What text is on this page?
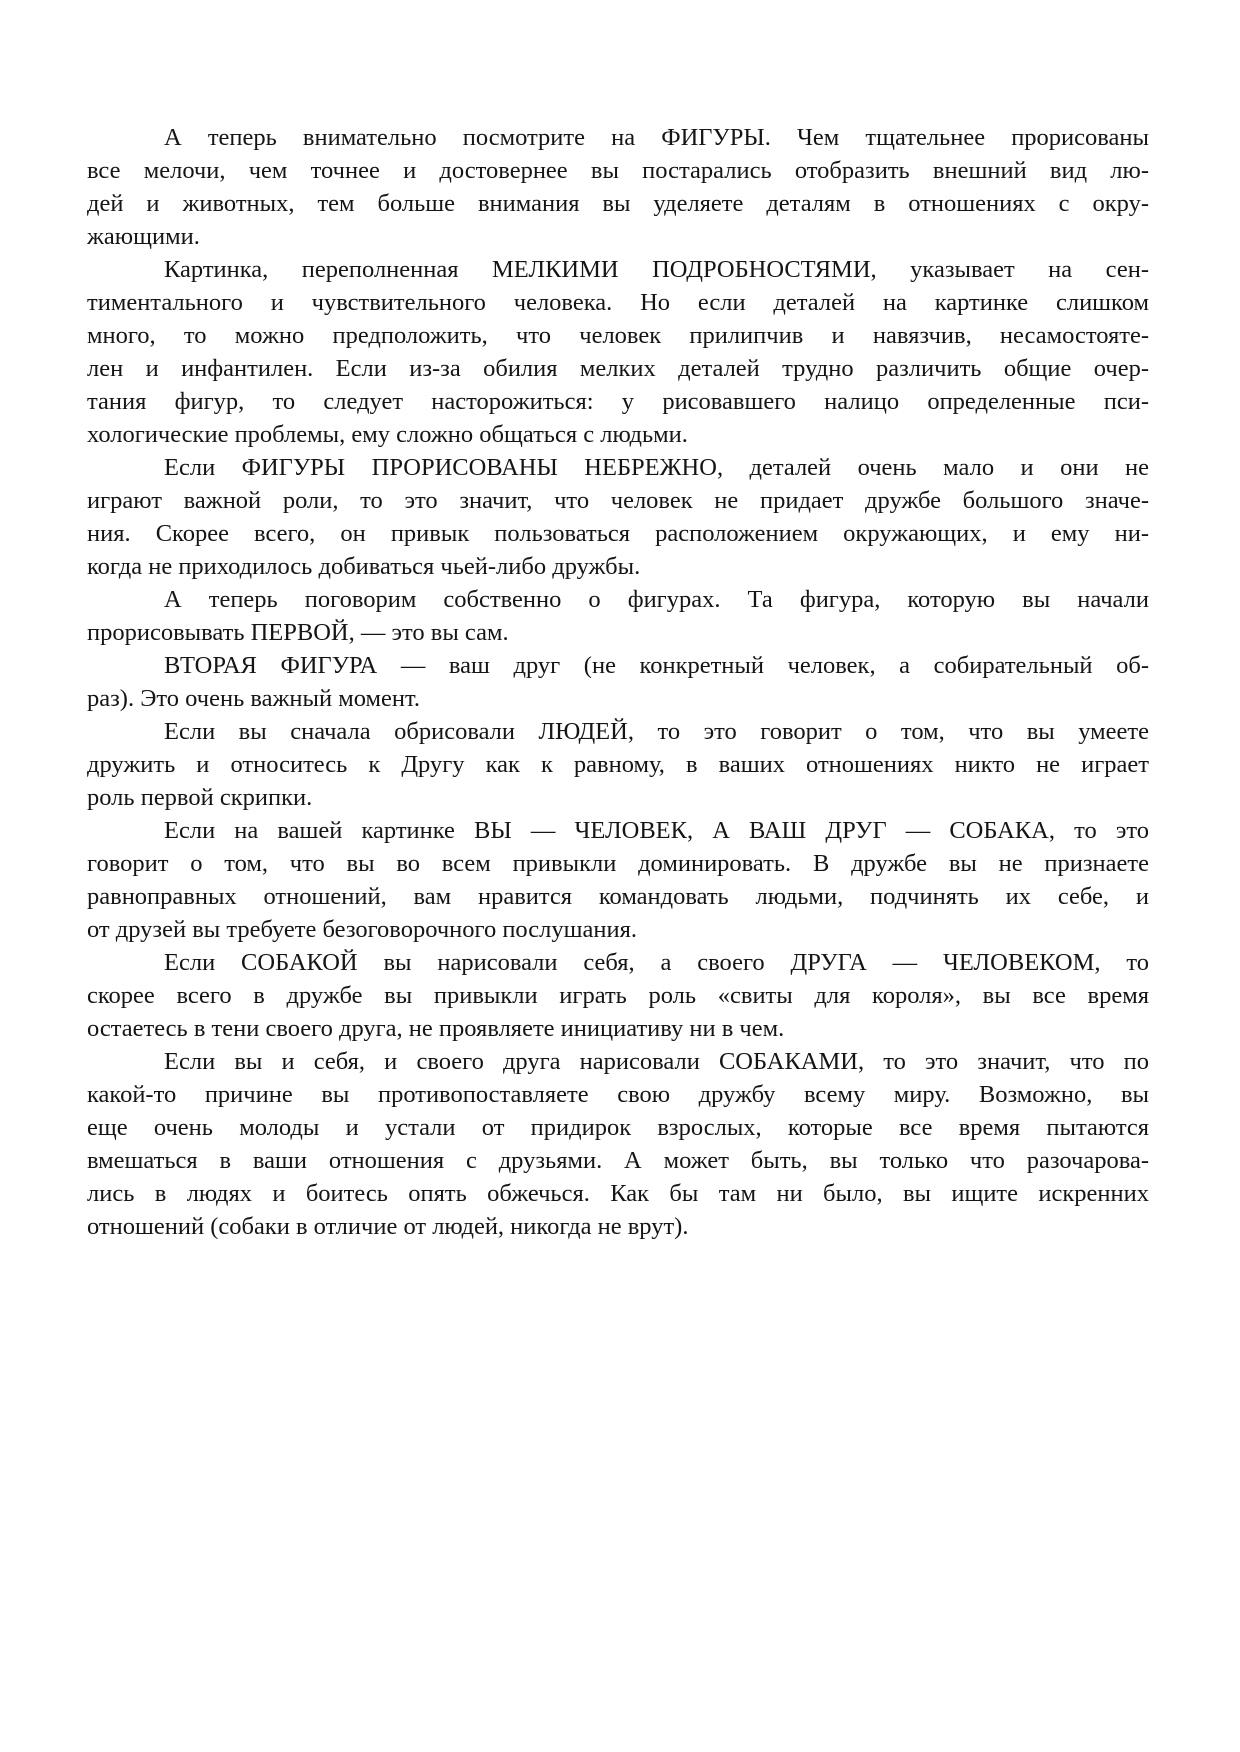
А теперь внимательно посмотрите на ФИГУРЫ. Чем тщательнее прорисованы
все мелочи, чем точнее и достовернее вы постарались отобразить внешний вид лю-
дей и животных, тем больше внимания вы уделяете деталям в отношениях с окру-
жающими.

Картинка, переполненная МЕЛКИМИ ПОДРОБНОСТЯМИ, указывает на сен-
тиментального и чувствительного человека. Но если деталей на картинке слишком
много, то можно предположить, что человек прилипчив и навязчив, несамостояте-
лен и инфантилен. Если из-за обилия мелких деталей трудно различить общие очер-
тания фигур, то следует насторожиться: у рисовавшего налицо определенные пси-
хологические проблемы, ему сложно общаться с людьми.

Если ФИГУРЫ ПРОРИСОВАНЫ НЕБРЕЖНО, деталей очень мало и они не
играют важной роли, то это значит, что человек не придает дружбе большого значе-
ния. Скорее всего, он привык пользоваться расположением окружающих, и ему ни-
когда не приходилось добиваться чьей-либо дружбы.

А теперь поговорим собственно о фигурах. Та фигура, которую вы начали
прорисовывать ПЕРВОЙ, — это вы сам.

ВТОРАЯ ФИГУРА — ваш друг (не конкретный человек, а собирательный об-
раз). Это очень важный момент.

Если вы сначала обрисовали ЛЮДЕЙ, то это говорит о том, что вы умеете
дружить и относитесь к Другу как к равному, в ваших отношениях никто не играет
роль первой скрипки.

Если на вашей картинке ВЫ — ЧЕЛОВЕК, А ВАШ ДРУГ — СОБАКА, то это
говорит о том, что вы во всем привыкли доминировать. В дружбе вы не признаете
равноправных отношений, вам нравится командовать людьми, подчинять их себе, и
от друзей вы требуете безоговорочного послушания.

Если СОБАКОЙ вы нарисовали себя, а своего ДРУГА — ЧЕЛОВЕКОМ, то
скорее всего в дружбе вы привыкли играть роль «свиты для короля», вы все время
остаетесь в тени своего друга, не проявляете инициативу ни в чем.

Если вы и себя, и своего друга нарисовали СОБАКАМИ, то это значит, что по
какой-то причине вы противопоставляете свою дружбу всему миру. Возможно, вы
еще очень молоды и устали от придирок взрослых, которые все время пытаются
вмешаться в ваши отношения с друзьями. А может быть, вы только что разочарова-
лись в людях и боитесь опять обжечься. Как бы там ни было, вы ищите искренних
отношений (собаки в отличие от людей, никогда не врут).
